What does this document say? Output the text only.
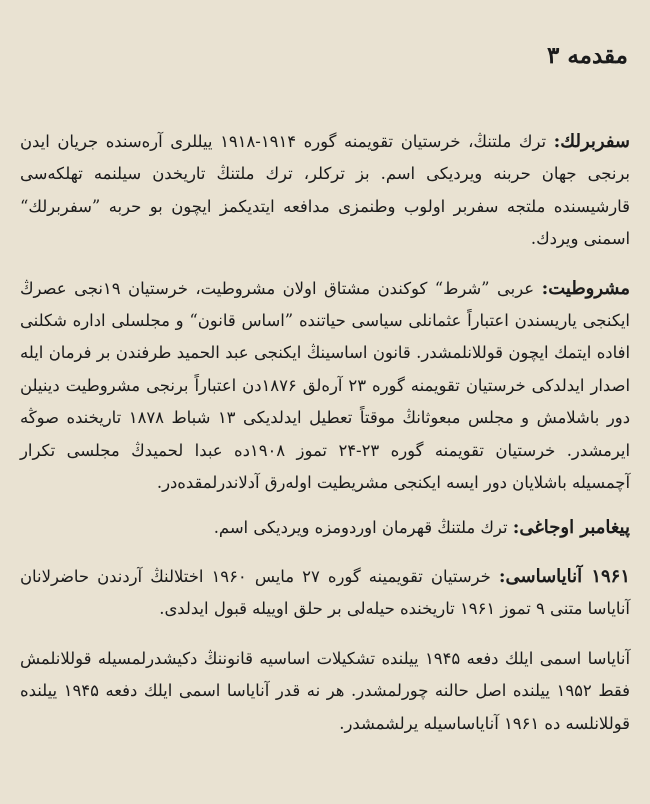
مقدمه ۳

سفربرلك: ترك ملتنڭ، خرستيان تقويمنه گوره ۱۹۱۴-۱۹۱۸ ييللرى آره‌سنده جريان ايدن برنجى جهان حربنه ويرديكى اسم. بز تركلر، ترك ملتنڭ تاريخدن سيلنمه تهلكه‌سى قارشيسنده ملتجه سفربر اولوب وطنمزى مدافعه ايتديكمز ايچون بو حربه ”سفربرلك“ اسمنى ويردك.

مشروطيت: عربى ”شرط“ كوكندن مشتاق اولان مشروطيت، خرستيان ۱۹نجى عصرڭ ايكنجى ياريسندن اعتباراً عثمانلى سياسى حياتنده ”اساس قانون“ و مجلسلى اداره شكلنى افاده ايتمك ايچون قوللانلمشدر. قانون اساسينڭ ايكنجى عبد الحميد طرفندن بر فرمان ايله اصدار ايدلدكى خرستيان تقويمنه گوره ۲۳ آره‌لق ۱۸۷۶دن اعتباراً برنجى مشروطيت دينيلن دور باشلامش و مجلس مبعوثانڭ موقتاً تعطيل ايدلديكى ۱۳ شباط ۱۸۷۸ تاريخنده صوڭه ايرمشدر. خرستيان تقويمنه گوره ۲۳-۲۴ تموز ۱۹۰۸دە عبدا لحميدڭ مجلسى تكرار آچمسيله باشلايان دور ايسه ايكنجى مشريطيت اولەرق آدلاندرلمقده‌در.

پيغامبر اوجاغى: ترك ملتنڭ قهرمان اوردومزه ويرديكى اسم.

۱۹۶۱ آناياساسى: خرستيان تقويمينه گوره ۲۷ مايس ۱۹۶۰ اختلالنڭ آردندن حاضرلانان آناياسا متنى ۹ تموز ۱۹۶۱ تاريخنده حيله‌لى بر حلق اوييله قبول ايدلدى.

آناياسا اسمى ايلك دفعه ۱۹۴۵ ييلنده تشكيلات اساسيه قانوننڭ دكيشدرلمسيله قوللانلمش فقط ۱۹۵۲ ييلنده اصل حالنه چورلمشدر. هر نه قدر آناياسا اسمى ايلك دفعه ۱۹۴۵ ييلنده قوللانلسه ده ۱۹۶۱ آناياساسيله يرلشمشدر.
